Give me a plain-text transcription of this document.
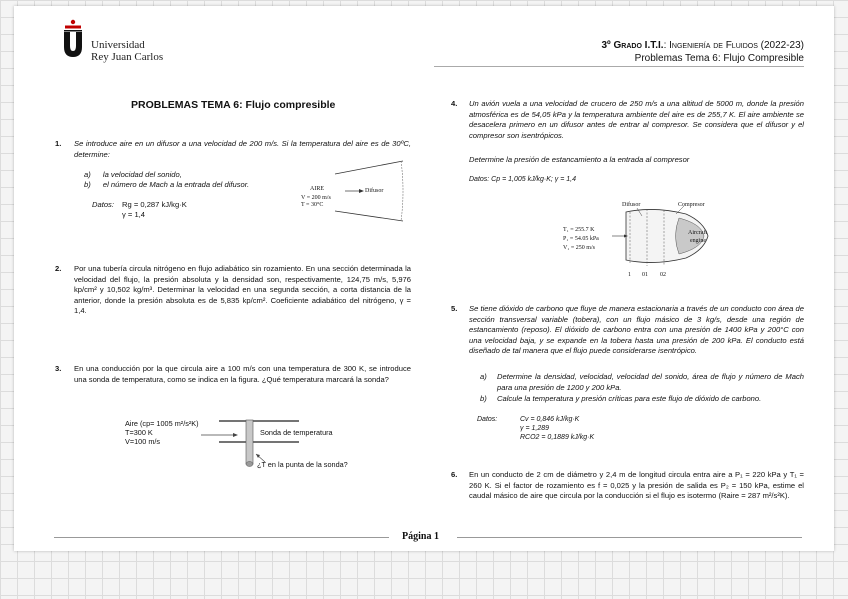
Universidad
Rey Juan Carlos
3º Grado I.T.I.: Ingeniería de Fluidos (2022-23)
Problemas Tema 6: Flujo Compresible
PROBLEMAS TEMA 6: Flujo compresible
1. Se introduce aire en un difusor a una velocidad de 200 m/s. Si la temperatura del aire es de 30ºC, determine:
a) la velocidad del sonido,
b) el número de Mach a la entrada del difusor.
Datos: Rg = 0,287 kJ/kg·K
γ = 1,4
AIRE
V = 200 m/s
T = 30°C
Difusor
2. Por una tubería circula nitrógeno en flujo adiabático sin rozamiento. En una sección determinada la velocidad del flujo, la presión absoluta y la densidad son, respectivamente, 124,75 m/s, 5,976 kp/cm² y 10,502 kg/m³. Determinar la velocidad en una segunda sección, a corta distancia de la anterior, donde la presión absoluta es de 5,835 kp/cm². Coeficiente adiabático del nitrógeno, γ = 1,4.
3. En una conducción por la que circula aire a 100 m/s con una temperatura de 300 K, se introduce una sonda de temperatura, como se indica en la figura. ¿Qué temperatura marcará la sonda?
Aire (cp= 1005 m²/s²K)
T=300 K
V=100 m/s
Sonda de temperatura
¿T en la punta de la sonda?
4. Un avión vuela a una velocidad de crucero de 250 m/s a una altitud de 5000 m, donde la presión atmosférica es de 54,05 kPa y la temperatura ambiente del aire es de 255,7 K. El aire ambiente se desacelera primero en un difusor antes de entrar al compresor. Se considera que el difusor y el compresor son isentrópicos.
Determine la presión de estancamiento a la entrada al compresor
Datos: Cp = 1,005 kJ/kg·K; γ = 1,4
Difusor	Compresor
T₁ = 255.7 K
P₁ = 54.05 kPa
V₁ = 250 m/s
Aircraft
engine
1 01 02
5. Se tiene dióxido de carbono que fluye de manera estacionaria a través de un conducto con área de sección transversal variable (tobera), con un flujo másico de 3 kg/s, desde una región de estancamiento (reposo). El dióxido de carbono entra con una presión de 1400 kPa y 200°C con una velocidad baja, y se expande en la tobera hasta una presión de 200 kPa. El conducto está diseñado de tal manera que el flujo puede considerarse isentrópico.
a) Determine la densidad, velocidad, velocidad del sonido, área de flujo y número de Mach para una presión de 1200 y 200 kPa.
b) Calcule la temperatura y presión críticas para este flujo de dióxido de carbono.
Datos:	Cv = 0,846 kJ/kg·K
γ = 1,289
RCO2 = 0,1889 kJ/kg·K
6. En un conducto de 2 cm de diámetro y 2,4 m de longitud circula entra aire a P₁ = 220 kPa y T₁ = 260 K. Si el factor de rozamiento es f = 0,025 y la presión de salida es P₂ = 150 kPa, estime el caudal másico de aire que circula por la conducción si el flujo es isotermo (Raire = 287 m²/s²K).
Página 1
